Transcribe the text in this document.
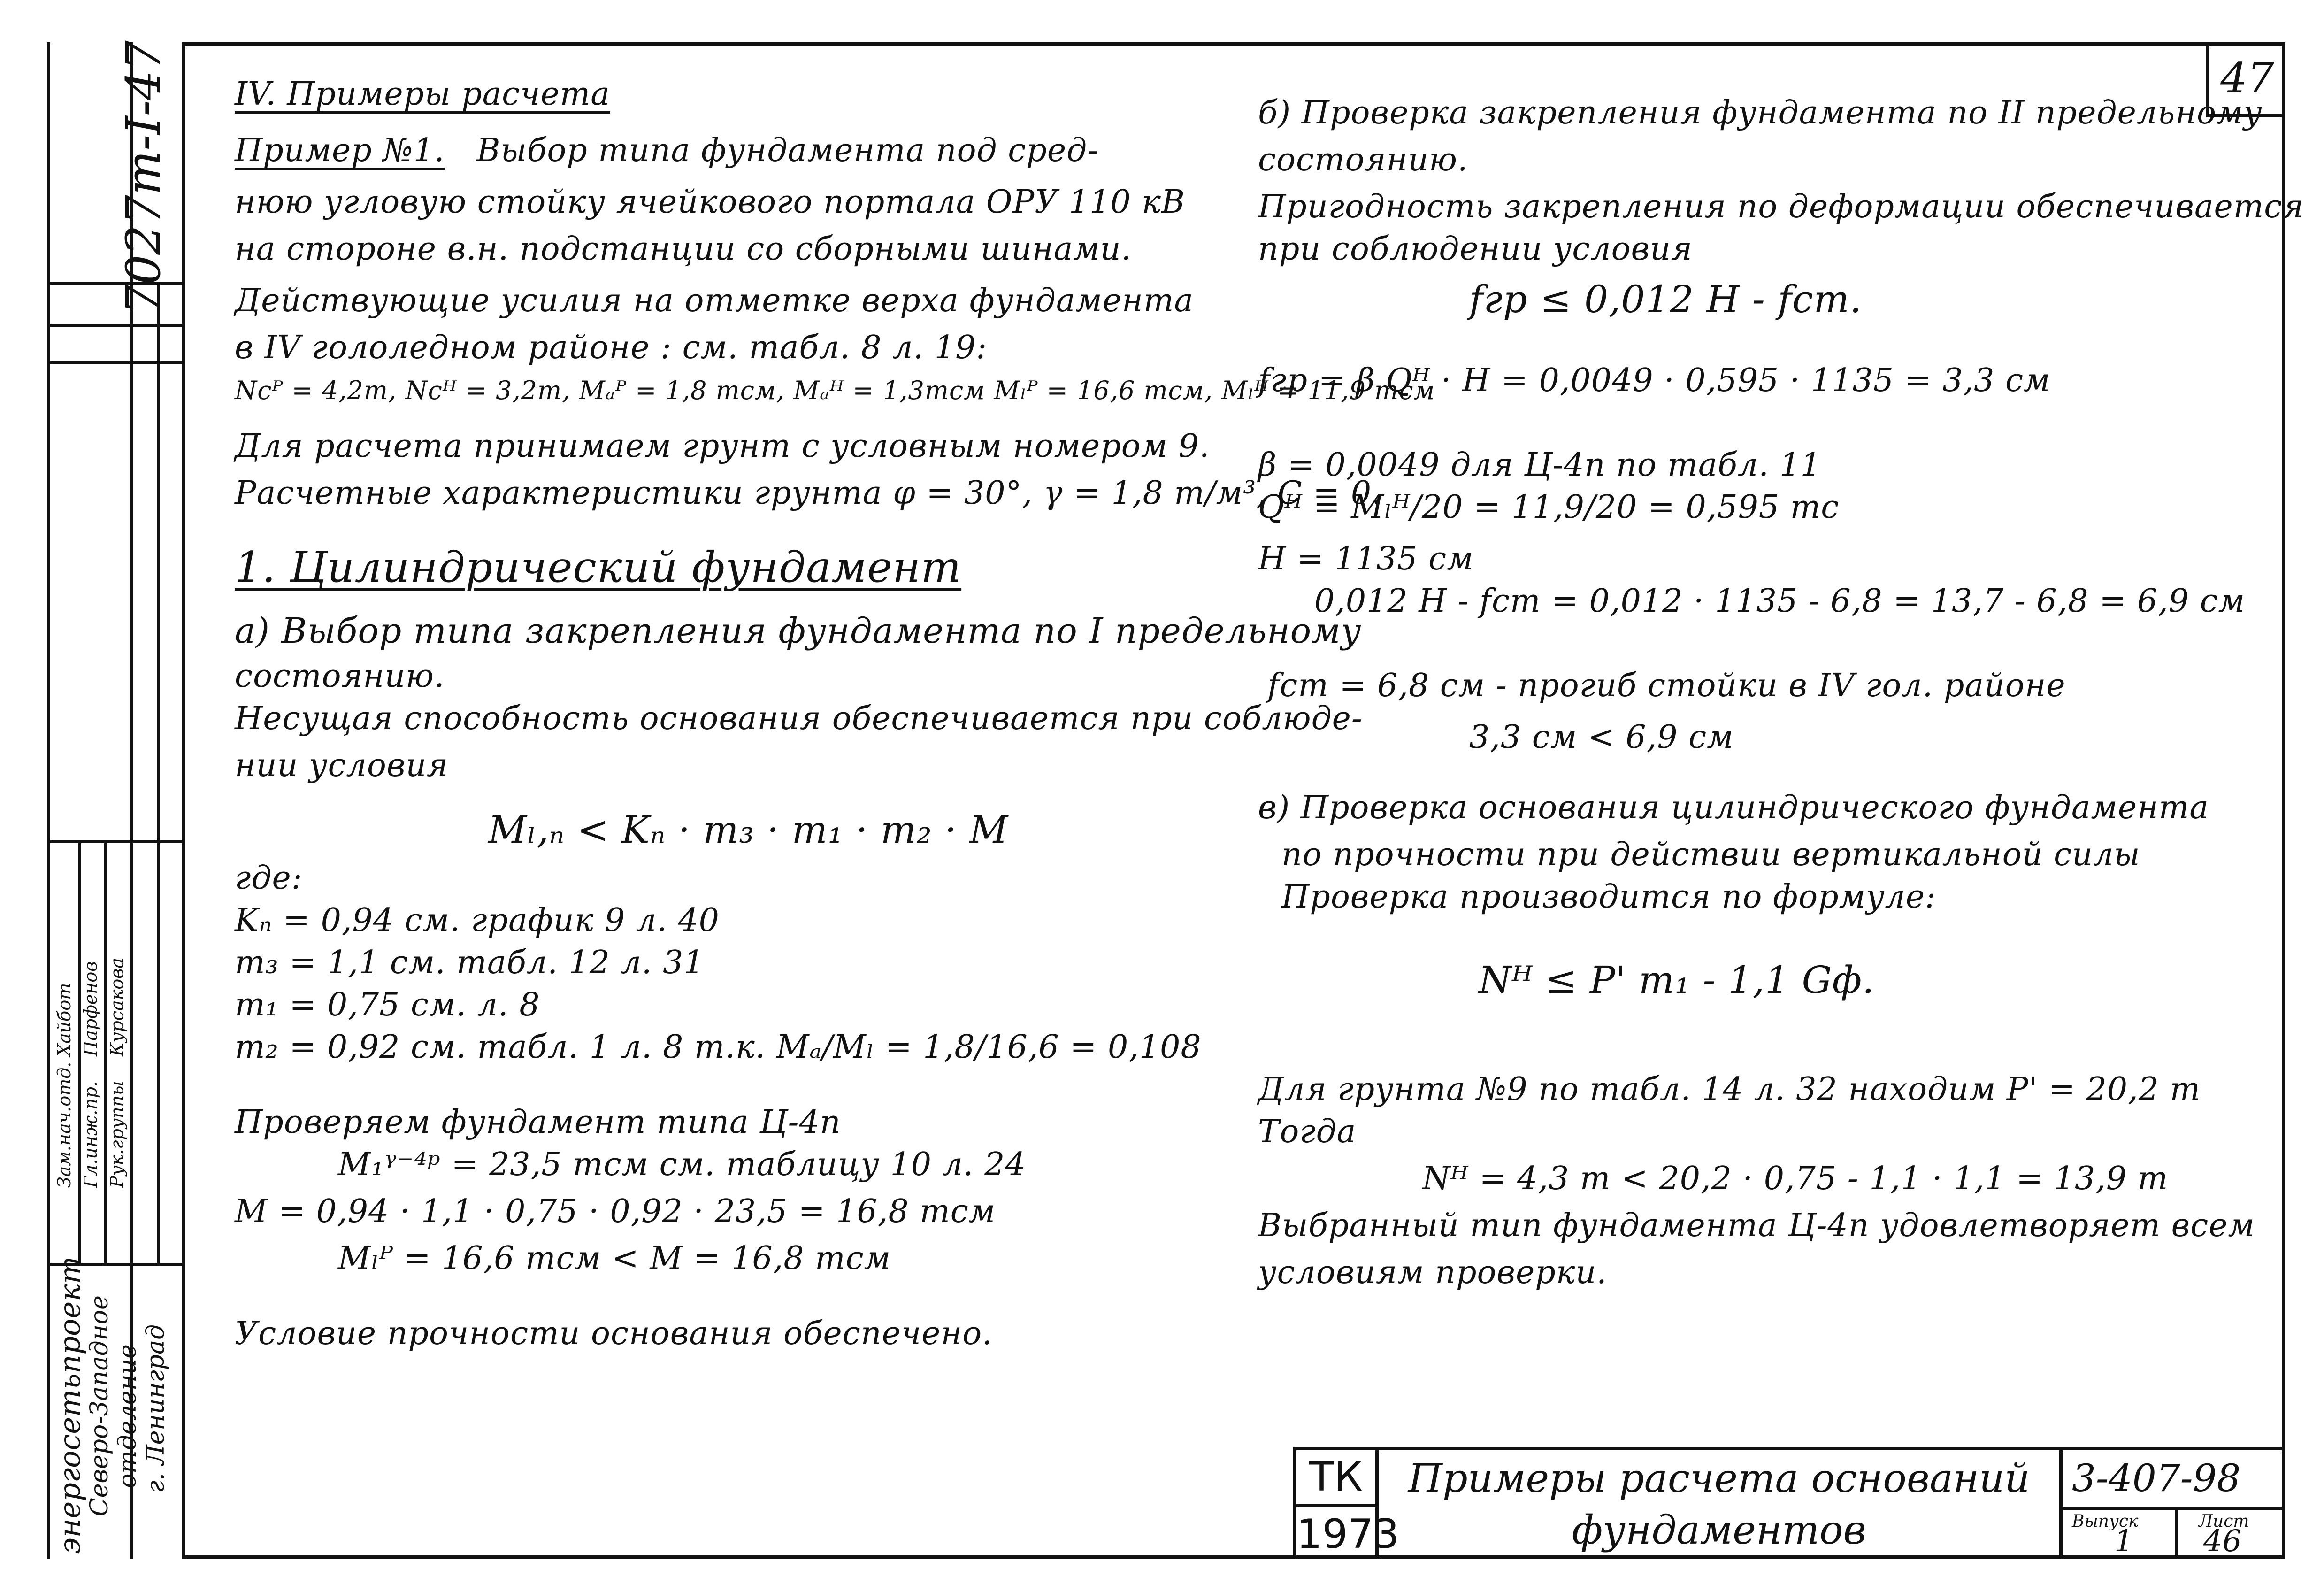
7027m-I-47
Зам.нач.отд. Гл.инж.пр. Рук.группы
Хайбот Парфенов Курсакова
энергосетьпроект
Северо-Западное отделение г. Ленинград
47
IV. Примеры расчета
Пример №1. Выбор типа фундамента под сред-
нюю угловую стойку ячейкового портала ОРУ 110 кВ
на стороне в.н. подстанции со сборными шинами.
Действующие усилия на отметке верха фундамента
в IV гололедном районе : см. табл. 8 л. 19:
Ncᴾ = 4,2т, Ncᴴ = 3,2т, Mₐᴾ = 1,8 тсм, Mₐᴴ = 1,3тсм Mₗᴾ = 16,6 тсм, Mₗᴴ = 11,9 тсм
Для расчета принимаем грунт с условным номером 9.
Расчетные характеристики грунта φ = 30°, γ = 1,8 т/м³, C = 0.
1. Цилиндрический фундамент
а) Выбор типа закрепления фундамента по I предельному
состоянию.
Несущая способность основания обеспечивается при соблюде-
нии условия
Mₗ,ₙ < Kₙ · m₃ · m₁ · m₂ · M
где:
Kₙ = 0,94 см. график 9 л. 40
m₃ = 1,1 см. табл. 12 л. 31
m₁ = 0,75 см. л. 8
m₂ = 0,92 см. табл. 1 л. 8 т.к. Mₐ/Mₗ = 1,8/16,6 = 0,108
Проверяем фундамент типа Ц-4п
M₁ᵞ⁻⁴ᵖ = 23,5 тсм см. таблицу 10 л. 24
M = 0,94 · 1,1 · 0,75 · 0,92 · 23,5 = 16,8 тсм
Mₗᴾ = 16,6 тсм < M = 16,8 тсм
Условие прочности основания обеспечено.
б) Проверка закрепления фундамента по II предельному
состоянию.
Пригодность закрепления по деформации обеспечивается
при соблюдении условия
fгр ≤ 0,012 H - fст.
fгр = β Qᴴ · H = 0,0049 · 0,595 · 1135 = 3,3 см
β = 0,0049 для Ц-4п по табл. 11
Qᴴ = Mₗᴴ/20 = 11,9/20 = 0,595 тс
H = 1135 см
0,012 H - fст = 0,012 · 1135 - 6,8 = 13,7 - 6,8 = 6,9 см
fст = 6,8 см - прогиб стойки в IV гол. районе
3,3 см < 6,9 см
в) Проверка основания цилиндрического фундамента
по прочности при действии вертикальной силы
Проверка производится по формуле:
Nᴴ ≤ P' m₁ - 1,1 Gф.
Для грунта №9 по табл. 14 л. 32 находим P' = 20,2 т
Тогда
Nᴴ = 4,3 т < 20,2 · 0,75 - 1,1 · 1,1 = 13,9 т
Выбранный тип фундамента Ц-4п удовлетворяет всем
условиям проверки.
ТК
1973
Примеры расчета оснований
фундаментов
3-407-98
Выпуск
1
Лист
46
